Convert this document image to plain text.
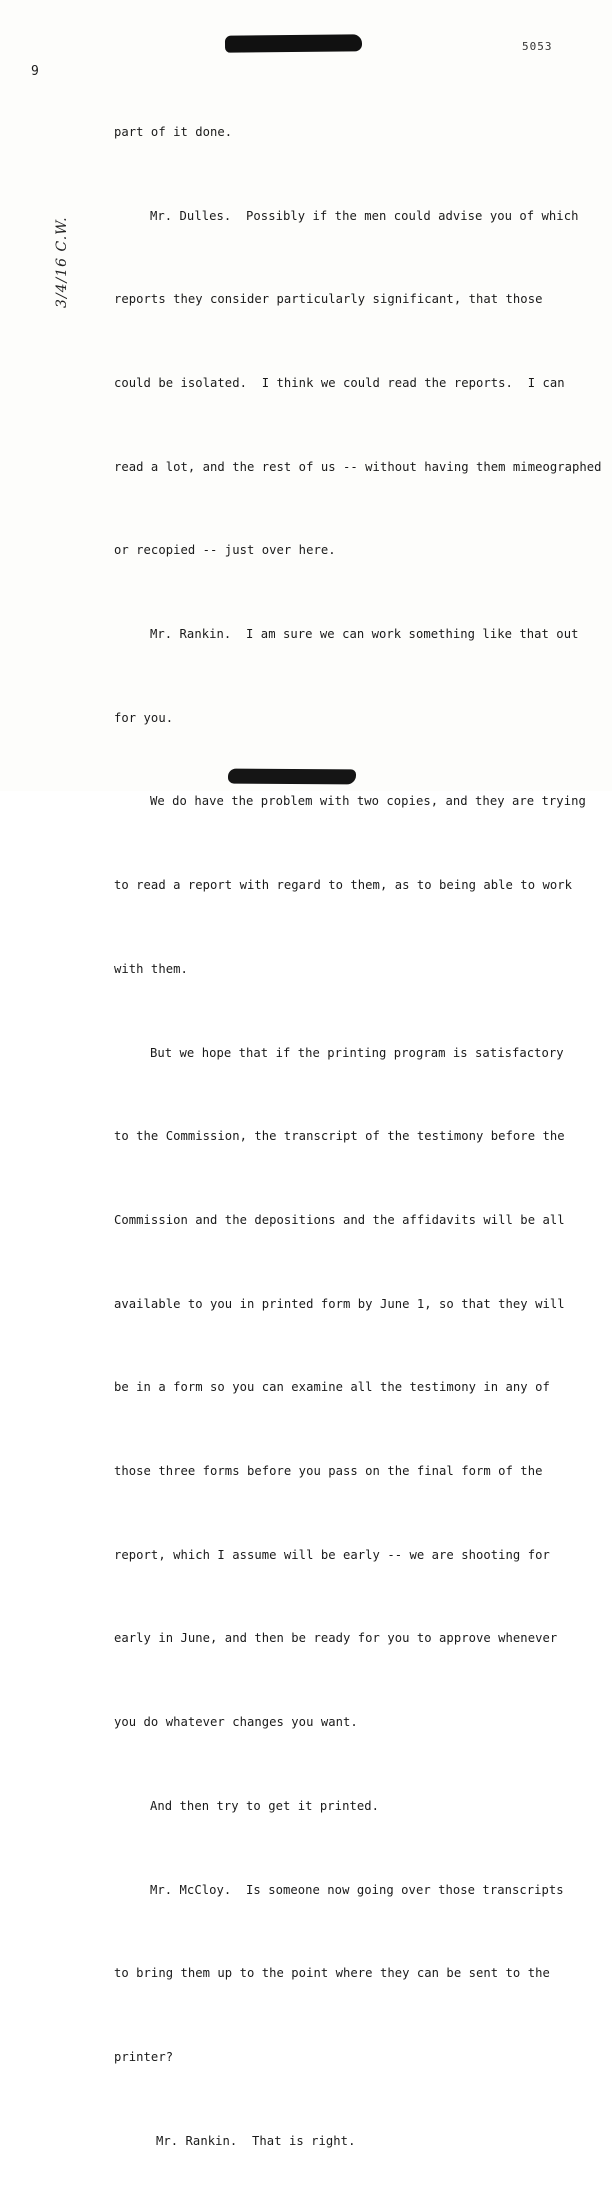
5053
9
3/4/16 C.W.

part of it done.

Mr. Dulles.  Possibly if the men could advise you of which

reports they consider particularly significant, that those

could be isolated.  I think we could read the reports.  I can

read a lot, and the rest of us -- without having them mimeographed

or recopied -- just over here.

Mr. Rankin.  I am sure we can work something like that out

for you.

We do have the problem with two copies, and they are trying

to read a report with regard to them, as to being able to work

with them.

But we hope that if the printing program is satisfactory

to the Commission, the transcript of the testimony before the

Commission and the depositions and the affidavits will be all

available to you in printed form by June 1, so that they will

be in a form so you can examine all the testimony in any of

those three forms before you pass on the final form of the

report, which I assume will be early -- we are shooting for

early in June, and then be ready for you to approve whenever

you do whatever changes you want.

And then try to get it printed.

Mr. McCloy.  Is someone now going over those transcripts

to bring them up to the point where they can be sent to the

printer?

Mr. Rankin.  That is right.
